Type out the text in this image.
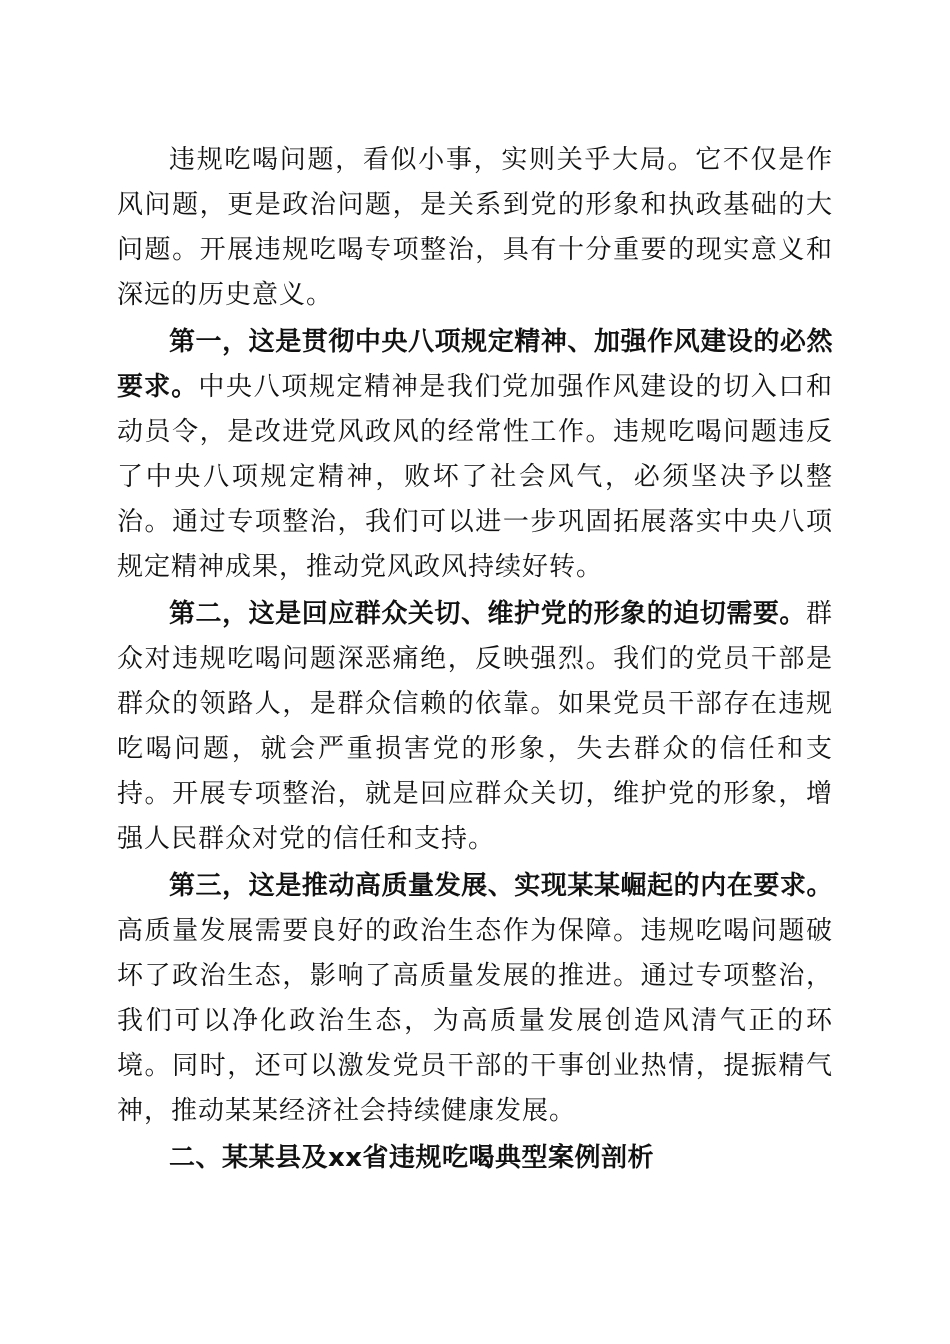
违规吃喝问题，看似小事，实则关乎大局。它不仅是作风问题，更是政治问题，是关系到党的形象和执政基础的大问题。开展违规吃喝专项整治，具有十分重要的现实意义和深远的历史意义。

第一，这是贯彻中央八项规定精神、加强作风建设的必然要求。中央八项规定精神是我们党加强作风建设的切入口和动员令，是改进党风政风的经常性工作。违规吃喝问题违反了中央八项规定精神，败坏了社会风气，必须坚决予以整治。通过专项整治，我们可以进一步巩固拓展落实中央八项规定精神成果，推动党风政风持续好转。

第二，这是回应群众关切、维护党的形象的迫切需要。群众对违规吃喝问题深恶痛绝，反映强烈。我们的党员干部是群众的领路人，是群众信赖的依靠。如果党员干部存在违规吃喝问题，就会严重损害党的形象，失去群众的信任和支持。开展专项整治，就是回应群众关切，维护党的形象，增强人民群众对党的信任和支持。

第三，这是推动高质量发展、实现某某崛起的内在要求。高质量发展需要良好的政治生态作为保障。违规吃喝问题破坏了政治生态，影响了高质量发展的推进。通过专项整治，我们可以净化政治生态，为高质量发展创造风清气正的环境。同时，还可以激发党员干部的干事创业热情，提振精气神，推动某某经济社会持续健康发展。

二、某某县及xx省违规吃喝典型案例剖析
